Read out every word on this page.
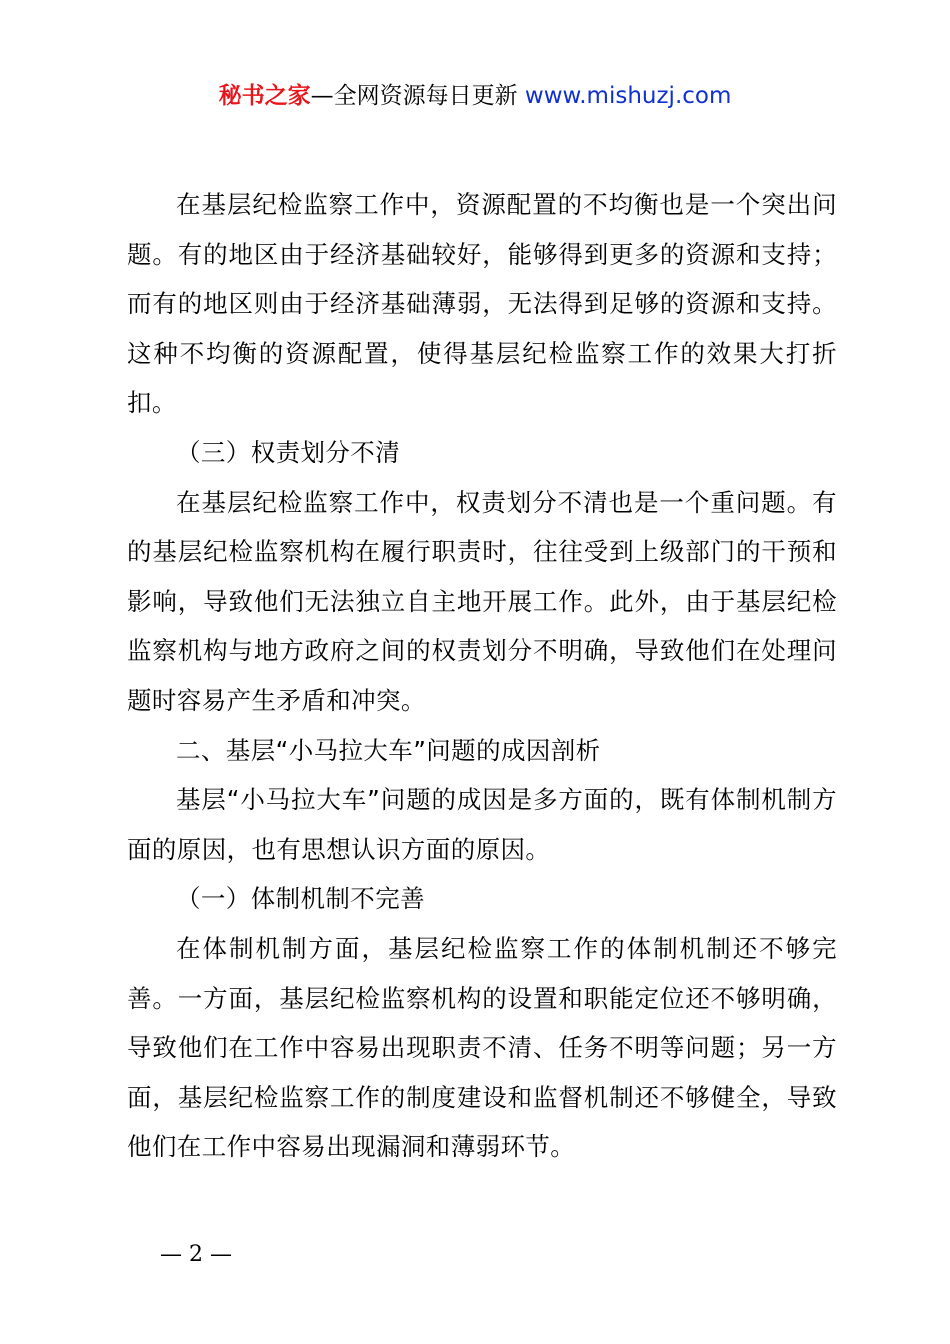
秘书之家—全网资源每日更新 www.mishuzj.com

在基层纪检监察工作中，资源配置的不均衡也是一个突出问题。有的地区由于经济基础较好，能够得到更多的资源和支持；而有的地区则由于经济基础薄弱，无法得到足够的资源和支持。这种不均衡的资源配置，使得基层纪检监察工作的效果大打折扣。

（三）权责划分不清

在基层纪检监察工作中，权责划分不清也是一个重问题。有的基层纪检监察机构在履行职责时，往往受到上级部门的干预和影响，导致他们无法独立自主地开展工作。此外，由于基层纪检监察机构与地方政府之间的权责划分不明确，导致他们在处理问题时容易产生矛盾和冲突。

二、基层“小马拉大车”问题的成因剖析

基层“小马拉大车”问题的成因是多方面的，既有体制机制方面的原因，也有思想认识方面的原因。

（一）体制机制不完善

在体制机制方面，基层纪检监察工作的体制机制还不够完善。一方面，基层纪检监察机构的设置和职能定位还不够明确，导致他们在工作中容易出现职责不清、任务不明等问题；另一方面，基层纪检监察工作的制度建设和监督机制还不够健全，导致他们在工作中容易出现漏洞和薄弱环节。

— 2 —
